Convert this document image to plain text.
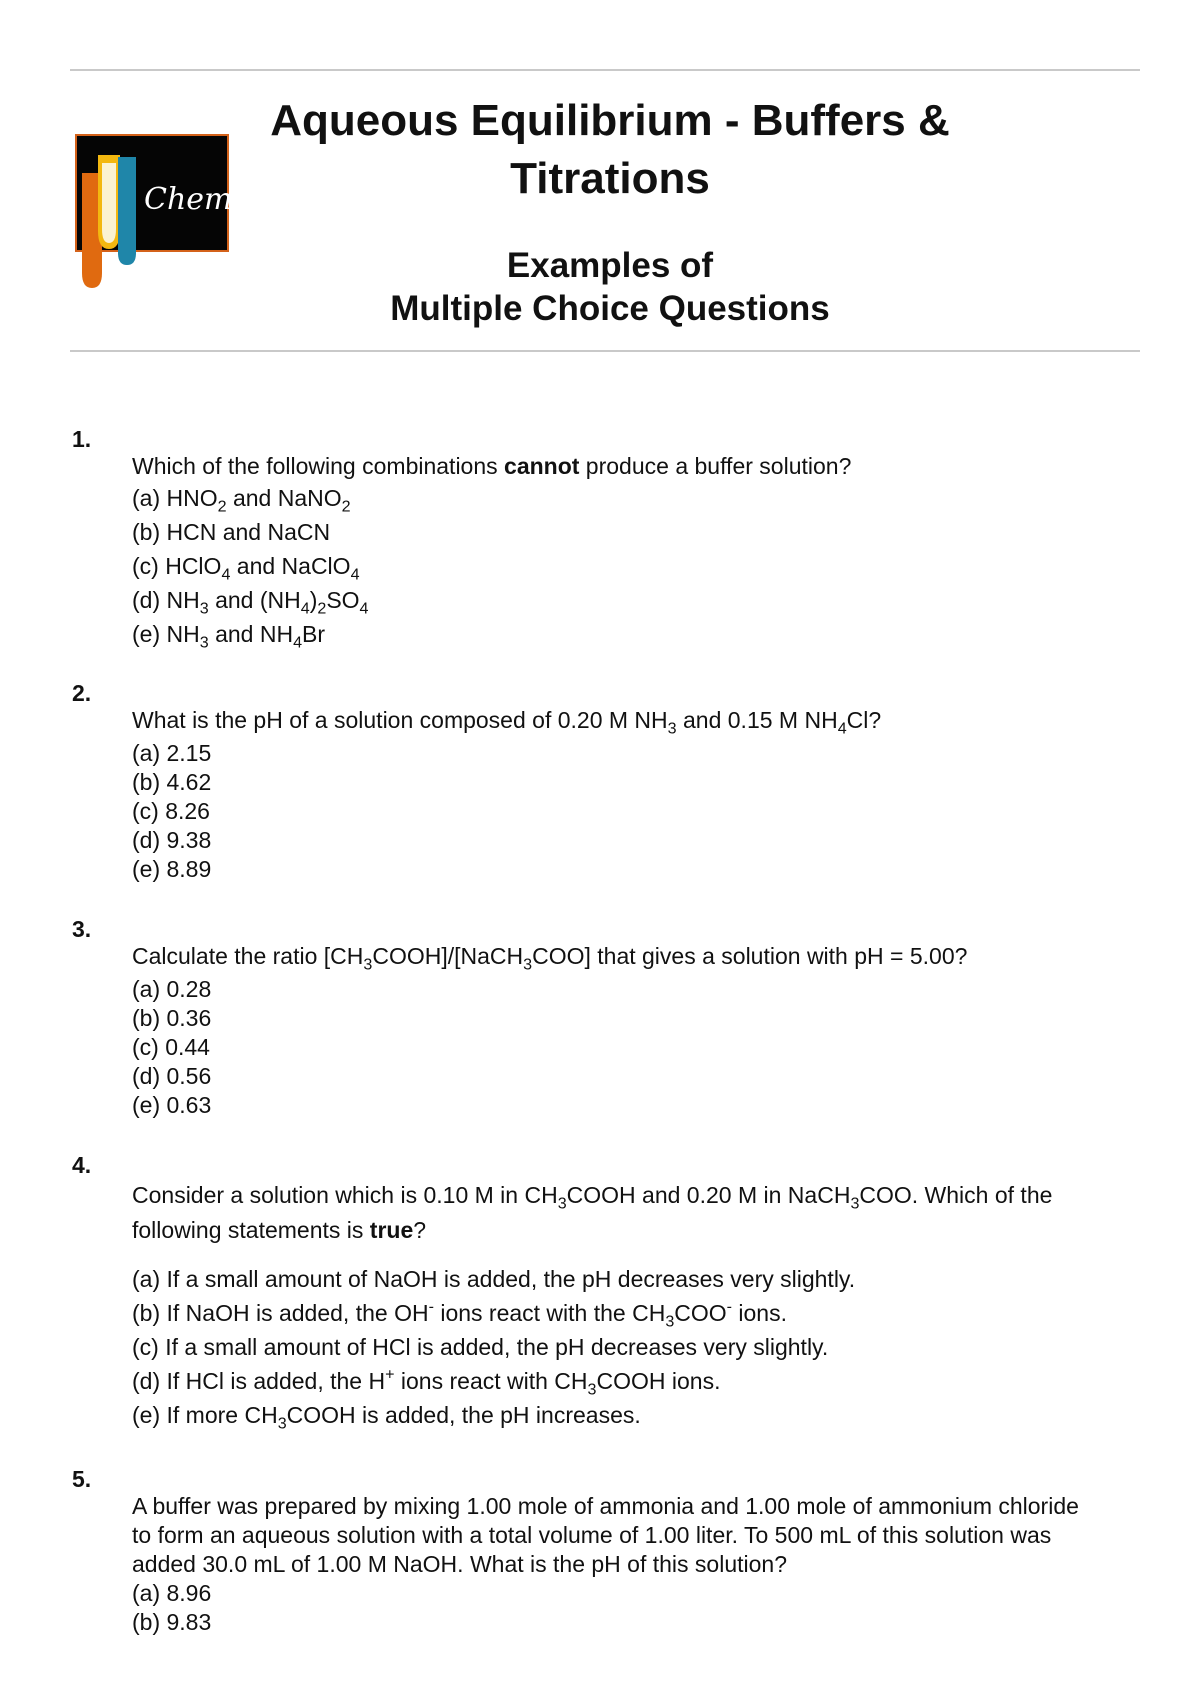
Chem
Aqueous Equilibrium - Buffers &
Titrations
Examples of
Multiple Choice Questions
1.

Which of the following combinations cannot produce a buffer solution?

(a) $HNO_2$ and NaNO$_2$
(b) HCN and NaCN
(c) HClO$_4$ and NaClO$_4$
(d) $NH_3$ and $(NH_4)_2SO_4$
(e) $NH_3$ and $NH_4Br$
2.

What is the pH of a solution composed of 0.20 M $NH_3$ and 0.15 M $NH_4Cl$?

(a) 2.15
(b) 4.62
(c) 8.26
(d) 9.38
(e) 8.89
3.

Calculate the ratio $[CH_3COOH]/[NaCH_3COO]$ that gives a solution with pH = 5.00?

(a) 0.28
(b) 0.36
(c) 0.44
(d) 0.56
(e) 0.63
4.

Consider a solution which is 0.10 M in $CH_3COOH$ and 0.20 M in NaCH$_3$COO. Which of the following statements is true?

(a) If a small amount of NaOH is added, the pH decreases very slightly.
(b) If NaOH is added, the OH- ions react with the $CH_3COO^-$ ions.
(c) If a small amount of HCl is added, the pH decreases very slightly.
(d) If HCl is added, the H+ ions react with $CH_3COOH$ ions.
(e) If more $CH_3COOH$ is added, the pH increases.
5.

A buffer was prepared by mixing 1.00 mole of ammonia and 1.00 mole of ammonium chloride to form an aqueous solution with a total volume of 1.00 liter. To 500 mL of this solution was added 30.0 mL of 1.00 M NaOH. What is the pH of this solution?

(a) 8.96
(b) 9.83
